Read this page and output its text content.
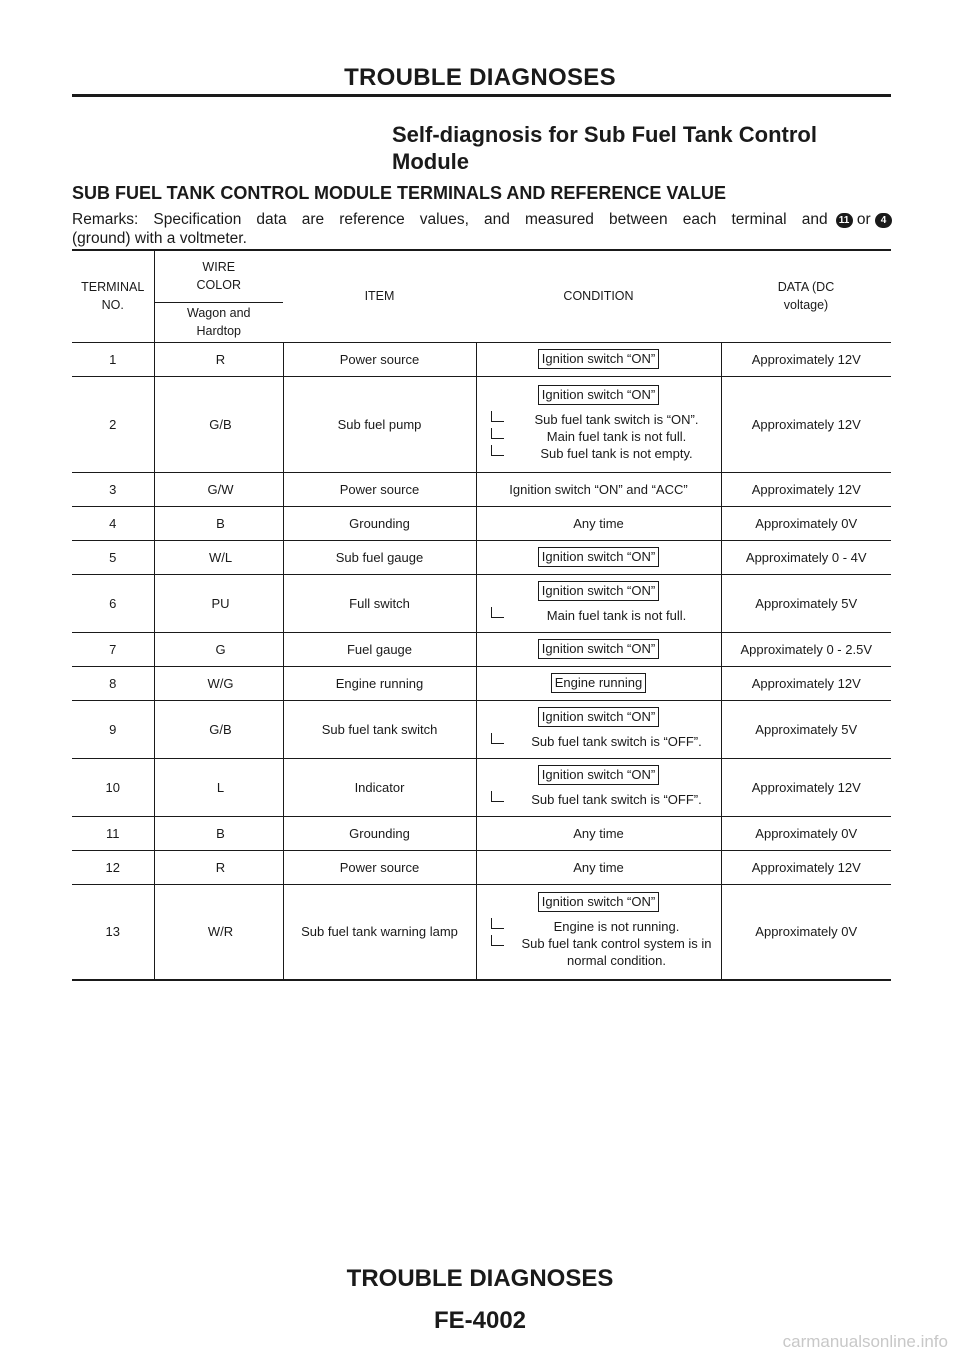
TROUBLE DIAGNOSES
Self-diagnosis for Sub Fuel Tank Control Module
SUB FUEL TANK CONTROL MODULE TERMINALS AND REFERENCE VALUE
Remarks: Specification data are reference values, and measured between each terminal and	11 or 4
(ground) with a voltmeter.
TERMINAL NO.	WIRE COLOR	ITEM	CONDITION	DATA (DC voltage)
	Wagon and Hardtop			
1	R	Power source	Ignition switch “ON”	Approximately 12V
2	G/B	Sub fuel pump	Ignition switch “ON”
Sub fuel tank switch is “ON”.
Main fuel tank is not full.
Sub fuel tank is not empty.	Approximately 12V
3	G/W	Power source	Ignition switch “ON” and “ACC”	Approximately 12V
4	B	Grounding	Any time	Approximately 0V
5	W/L	Sub fuel gauge	Ignition switch “ON”	Approximately 0 - 4V
6	PU	Full switch	Ignition switch “ON”
Main fuel tank is not full.	Approximately 5V
7	G	Fuel gauge	Ignition switch “ON”	Approximately 0 - 2.5V
8	W/G	Engine running	Engine running	Approximately 12V
9	G/B	Sub fuel tank switch	Ignition switch “ON”
Sub fuel tank switch is “OFF”.	Approximately 5V
10	L	Indicator	Ignition switch “ON”
Sub fuel tank switch is “OFF”.	Approximately 12V
11	B	Grounding	Any time	Approximately 0V
12	R	Power source	Any time	Approximately 12V
13	W/R	Sub fuel tank warning lamp	Ignition switch “ON”
Engine is not running.
Sub fuel tank control system is in normal condition.	Approximately 0V
TROUBLE DIAGNOSES
FE-4002
carmanualsonline.info
